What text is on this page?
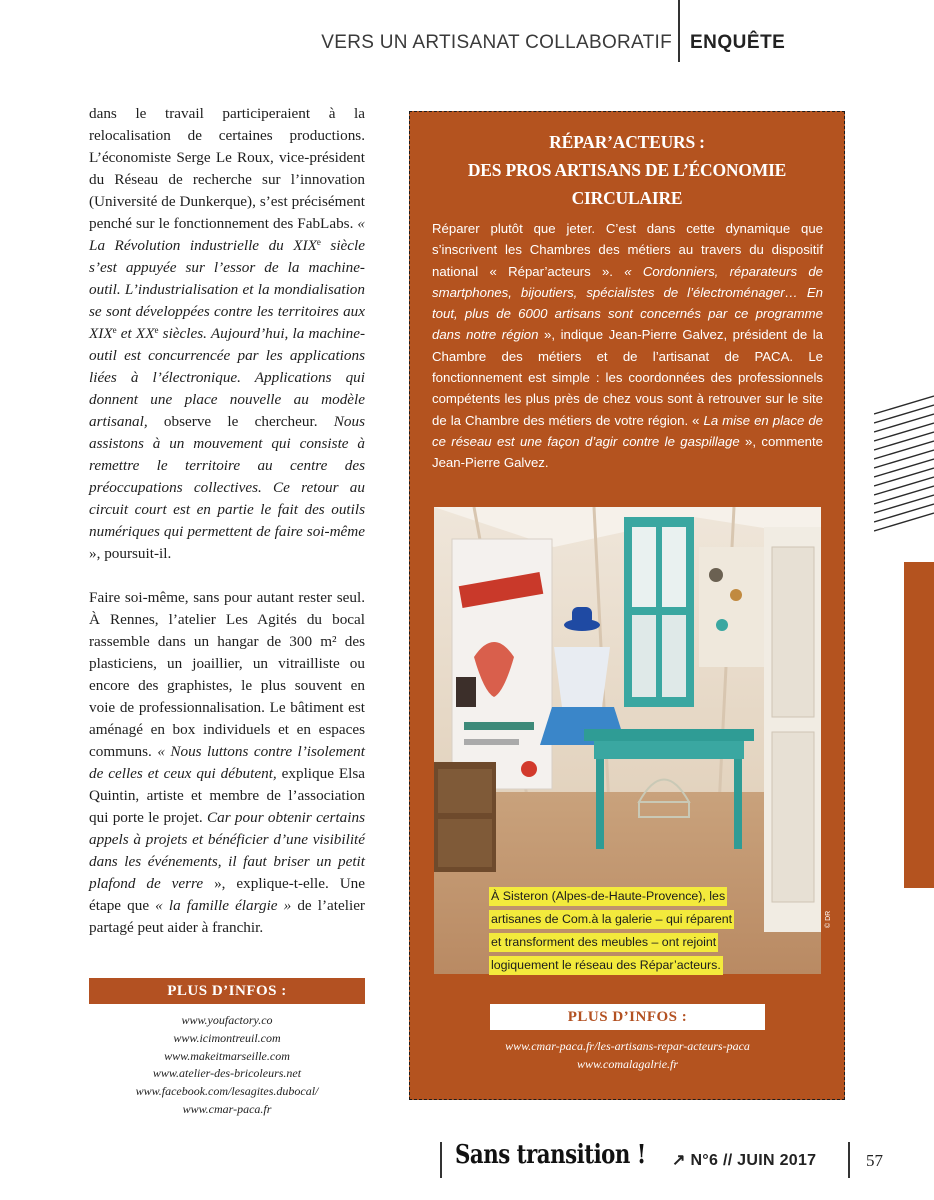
VERS UN ARTISANAT COLLABORATIF ENQUÊTE

dans le travail participeraient à la relocalisation de certaines productions. L’économiste Serge Le Roux, vice-président du Réseau de recherche sur l’innovation (Université de Dunkerque), s’est précisément penché sur le fonctionnement des FabLabs. « La Révolution industrielle du XIXe siècle s’est appuyée sur l’essor de la machine-outil. L’industrialisation et la mondialisation se sont développées contre les territoires aux XIXe et XXe siècles. Aujourd’hui, la machine-outil est concurrencée par les applications liées à l’électronique. Applications qui donnent une place nouvelle au modèle artisanal, observe le chercheur. Nous assistons à un mouvement qui consiste à remettre le territoire au centre des préoccupations collectives. Ce retour au circuit court est en partie le fait des outils numériques qui permettent de faire soi-même », poursuit-il.

Faire soi-même, sans pour autant rester seul. À Rennes, l’atelier Les Agités du bocal rassemble dans un hangar de 300 m² des plasticiens, un joaillier, un vitrailliste ou encore des graphistes, le plus souvent en voie de professionnalisation. Le bâtiment est aménagé en box individuels et en espaces communs. « Nous luttons contre l’isolement de celles et ceux qui débutent, explique Elsa Quintin, artiste et membre de l’association qui porte le projet. Car pour obtenir certains appels à projets et bénéficier d’une visibilité dans les événements, il faut briser un petit plafond de verre », explique-t-elle. Une étape que « la famille élargie » de l’atelier partagé peut aider à franchir.

PLUS D’INFOS :
www.youfactory.co
www.icimontreuil.com
www.makeitmarseille.com
www.atelier-des-bricoleurs.net
www.facebook.com/lesagites.dubocal/
www.cmar-paca.fr
RÉPAR’ACTEURS :
DES PROS ARTISANS DE L’ÉCONOMIE CIRCULAIRE
Réparer plutôt que jeter. C’est dans cette dynamique que s’inscrivent les Chambres des métiers au travers du dispositif national « Répar’acteurs ». « Cordonniers, réparateurs de smartphones, bijoutiers, spécialistes de l’électroménager… En tout, plus de 6000 artisans sont concernés par ce programme dans notre région », indique Jean-Pierre Galvez, président de la Chambre des métiers et de l’artisanat de PACA. Le fonctionnement est simple : les coordonnées des professionnels compétents les plus près de chez vous sont à retrouver sur le site de la Chambre des métiers de votre région. « La mise en place de ce réseau est une façon d’agir contre le gaspillage », commente Jean-Pierre Galvez.
© DR
À Sisteron (Alpes-de-Haute-Provence), les
artisanes de Com.à la galerie – qui réparent
et transforment des meubles – ont rejoint
logiquement le réseau des Répar’acteurs.
PLUS D’INFOS :
www.cmar-paca.fr/les-artisans-repar-acteurs-paca
www.comalagalrie.fr
Sans transition ! ↗ N°6 // JUIN 2017	57
